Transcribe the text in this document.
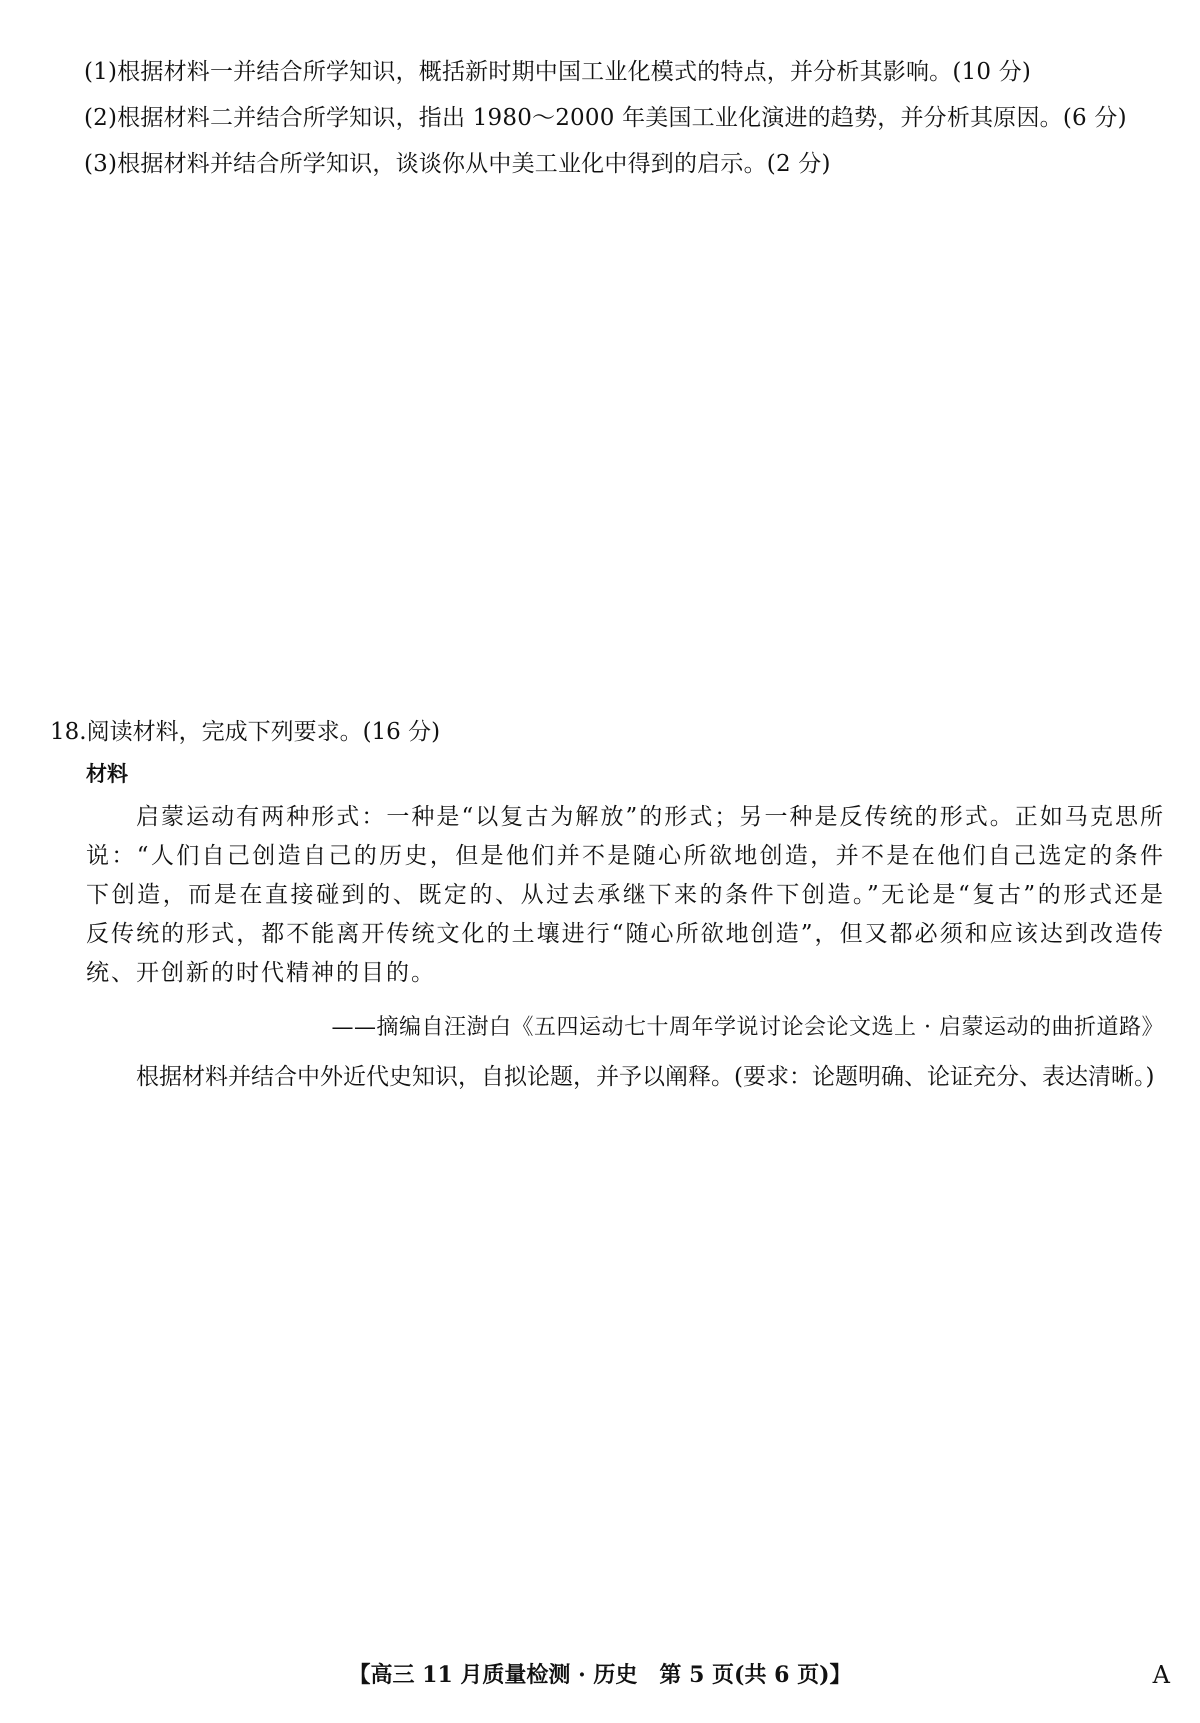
(1)根据材料一并结合所学知识，概括新时期中国工业化模式的特点，并分析其影响。(10 分)
(2)根据材料二并结合所学知识，指出 1980～2000 年美国工业化演进的趋势，并分析其原因。(6 分)
(3)根据材料并结合所学知识，谈谈你从中美工业化中得到的启示。(2 分)
18.阅读材料，完成下列要求。(16 分)
材料

启蒙运动有两种形式：一种是“以复古为解放”的形式；另一种是反传统的形式。正如马克思所说：“人们自己创造自己的历史，但是他们并不是随心所欲地创造，并不是在他们自己选定的条件下创造，而是在直接碰到的、既定的、从过去承继下来的条件下创造。”无论是“复古”的形式还是反传统的形式，都不能离开传统文化的土壤进行“随心所欲地创造”，但又都必须和应该达到改造传统、开创新的时代精神的目的。

——摘编自汪澍白《五四运动七十周年学说讨论会论文选上 · 启蒙运动的曲折道路》

根据材料并结合中外近代史知识，自拟论题，并予以阐释。(要求：论题明确、论证充分、表达清晰。)

【高三 11 月质量检测 · 历史　第 5 页(共 6 页)】	A
